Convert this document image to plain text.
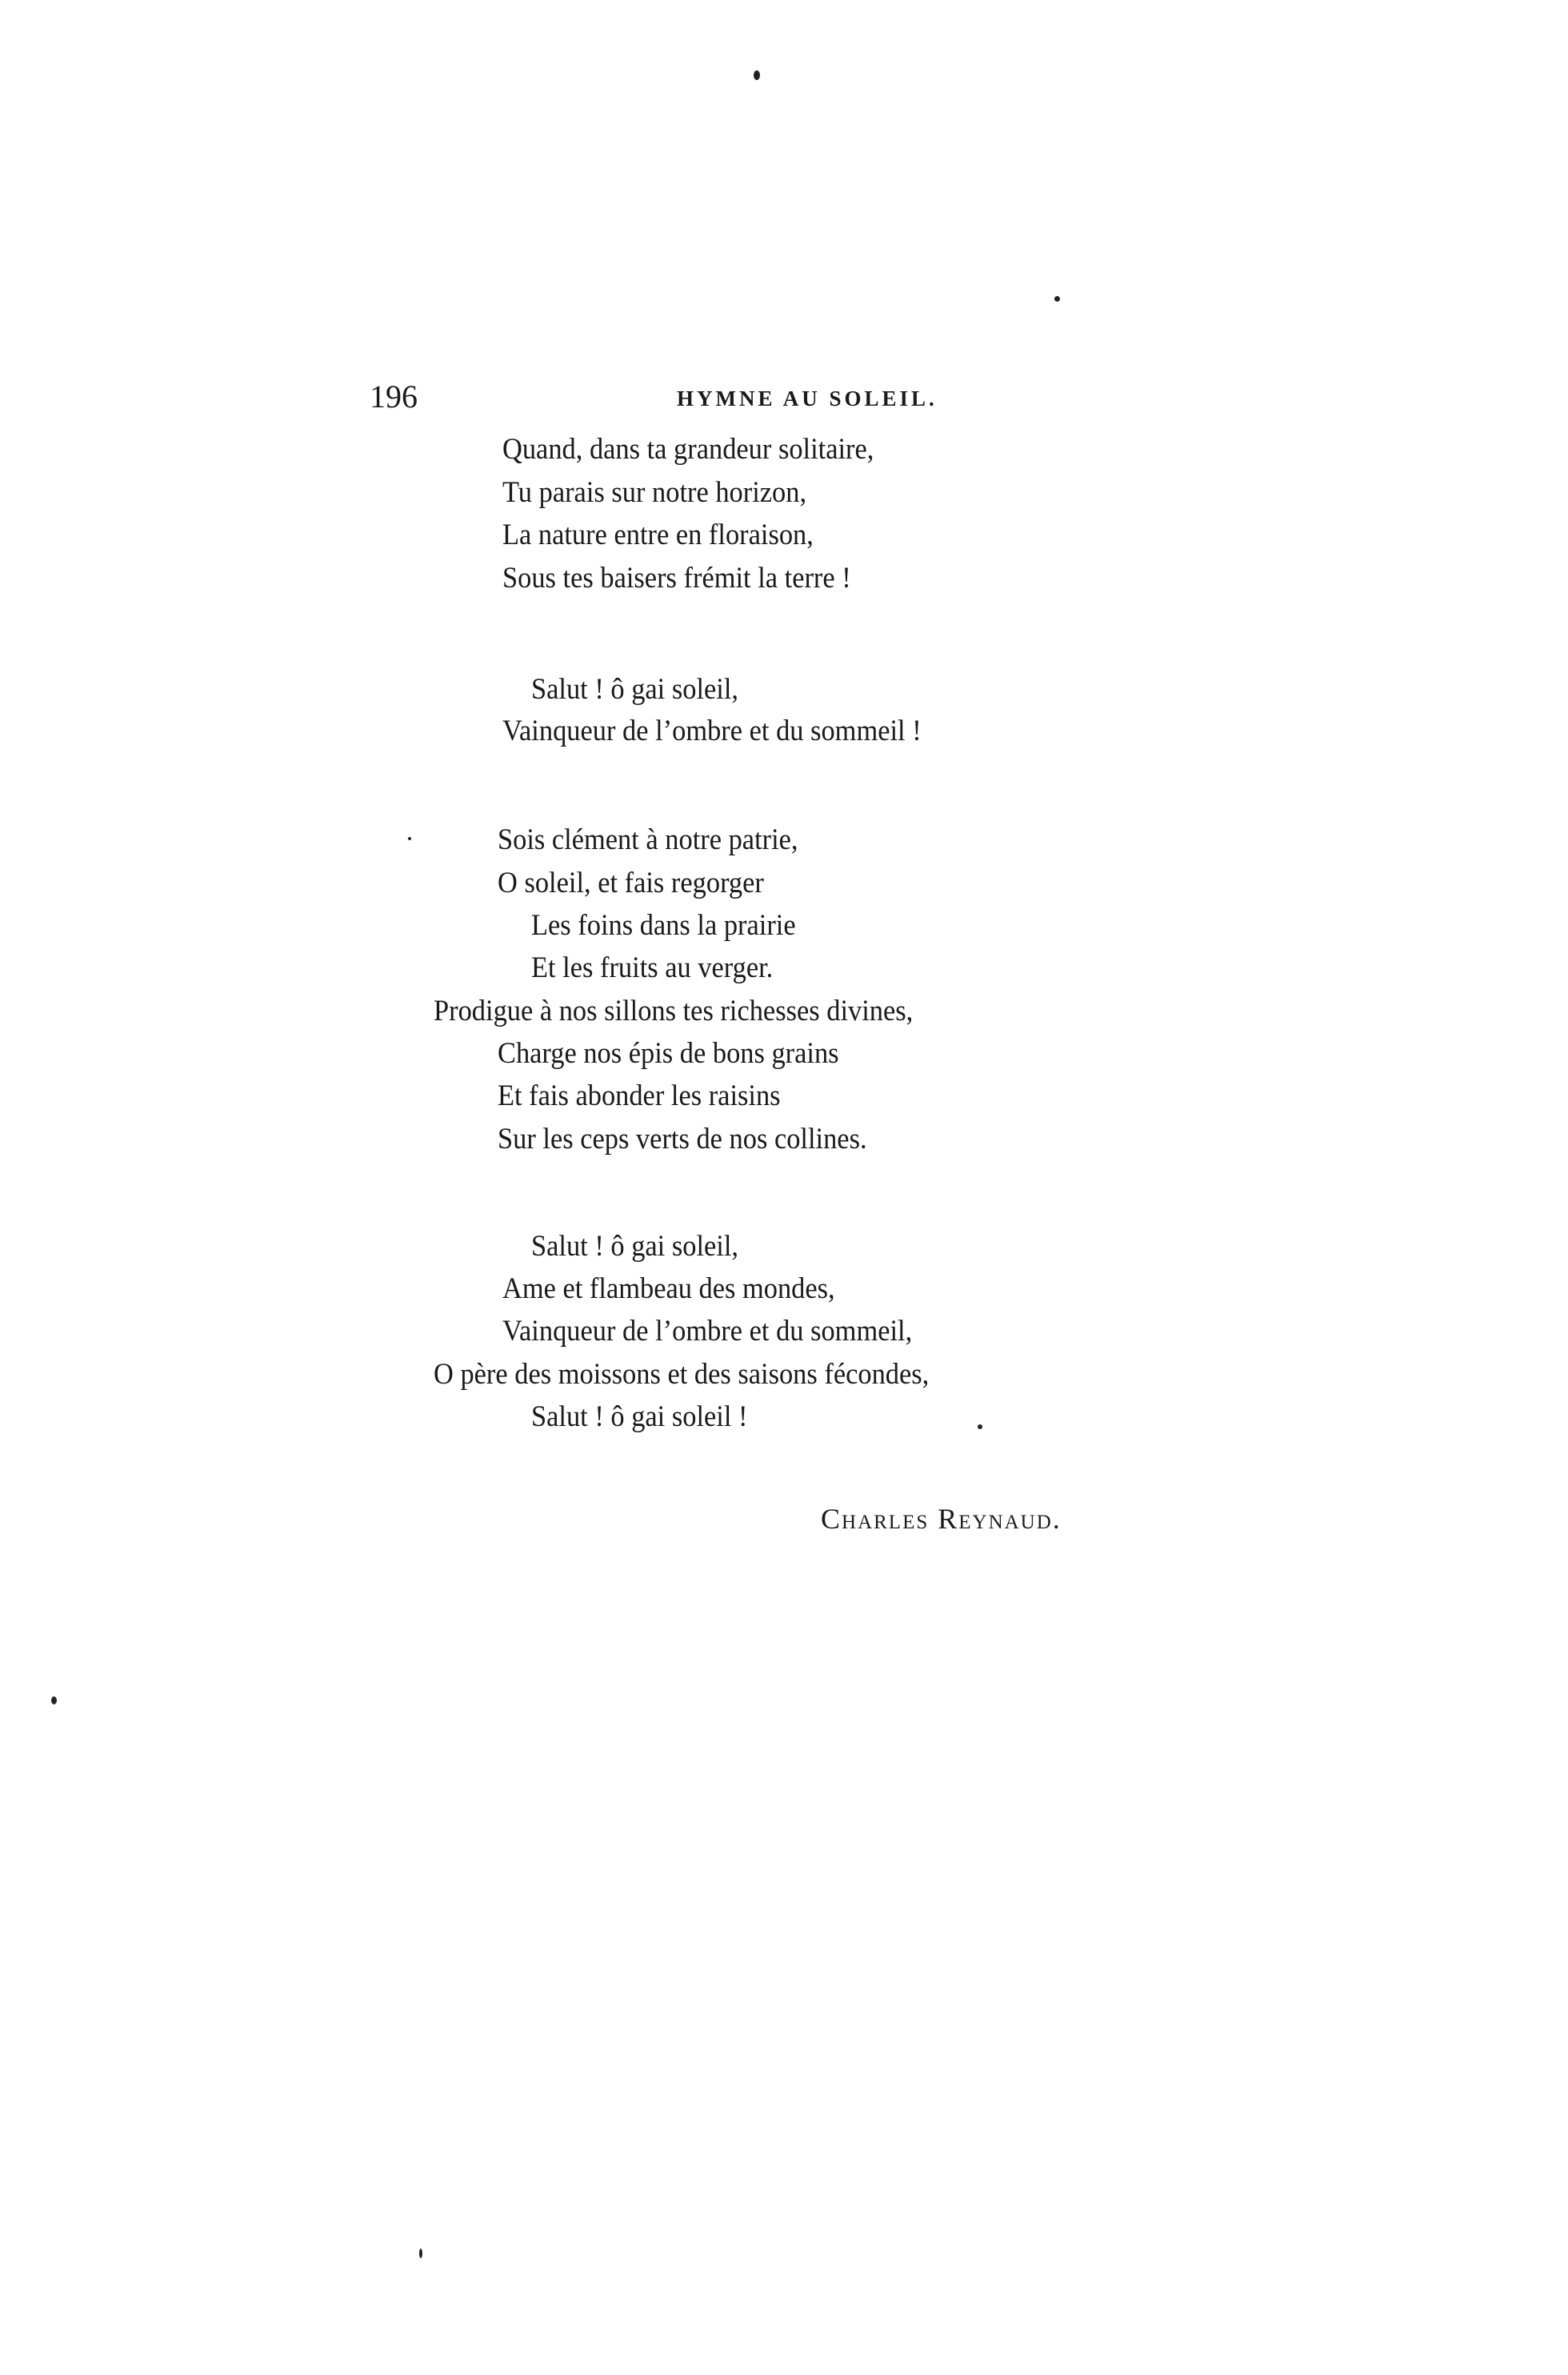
196	HYMNE AU SOLEIL.
Quand, dans ta grandeur solitaire,
Tu parais sur notre horizon,
La nature entre en floraison,
Sous tes baisers frémit la terre !
Salut ! ô gai soleil,
Vainqueur de l’ombre et du sommeil !
Sois clément à notre patrie,
O soleil, et fais regorger
Les foins dans la prairie
Et les fruits au verger.
Prodigue à nos sillons tes richesses divines,
Charge nos épis de bons grains
Et fais abonder les raisins
Sur les ceps verts de nos collines.
Salut ! ô gai soleil,
Ame et flambeau des mondes,
Vainqueur de l’ombre et du sommeil,
O père des moissons et des saisons fécondes,
Salut ! ô gai soleil !
Charles Reynaud.
